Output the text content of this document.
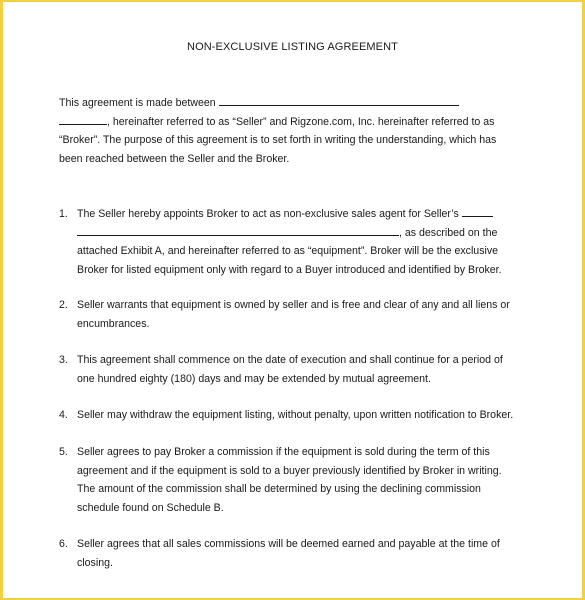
NON-EXCLUSIVE LISTING AGREEMENT
This agreement is made between
, hereinafter referred to as “Seller” and Rigzone.com, Inc. hereinafter referred to as
“Broker”. The purpose of this agreement is to set forth in writing the understanding, which has
been reached between the Seller and the Broker.
1. The Seller hereby appoints Broker to act as non-exclusive sales agent for Seller’s
, as described on the
attached Exhibit A, and hereinafter referred to as “equipment”. Broker will be the exclusive
Broker for listed equipment only with regard to a Buyer introduced and identified by Broker.
2. Seller warrants that equipment is owned by seller and is free and clear of any and all liens or
encumbrances.
3. This agreement shall commence on the date of execution and shall continue for a period of
one hundred eighty (180) days and may be extended by mutual agreement.
4. Seller may withdraw the equipment listing, without penalty, upon written notification to Broker.
5. Seller agrees to pay Broker a commission if the equipment is sold during the term of this
agreement and if the equipment is sold to a buyer previously identified by Broker in writing.
The amount of the commission shall be determined by using the declining commission
schedule found on Schedule B.
6. Seller agrees that all sales commissions will be deemed earned and payable at the time of
closing.
